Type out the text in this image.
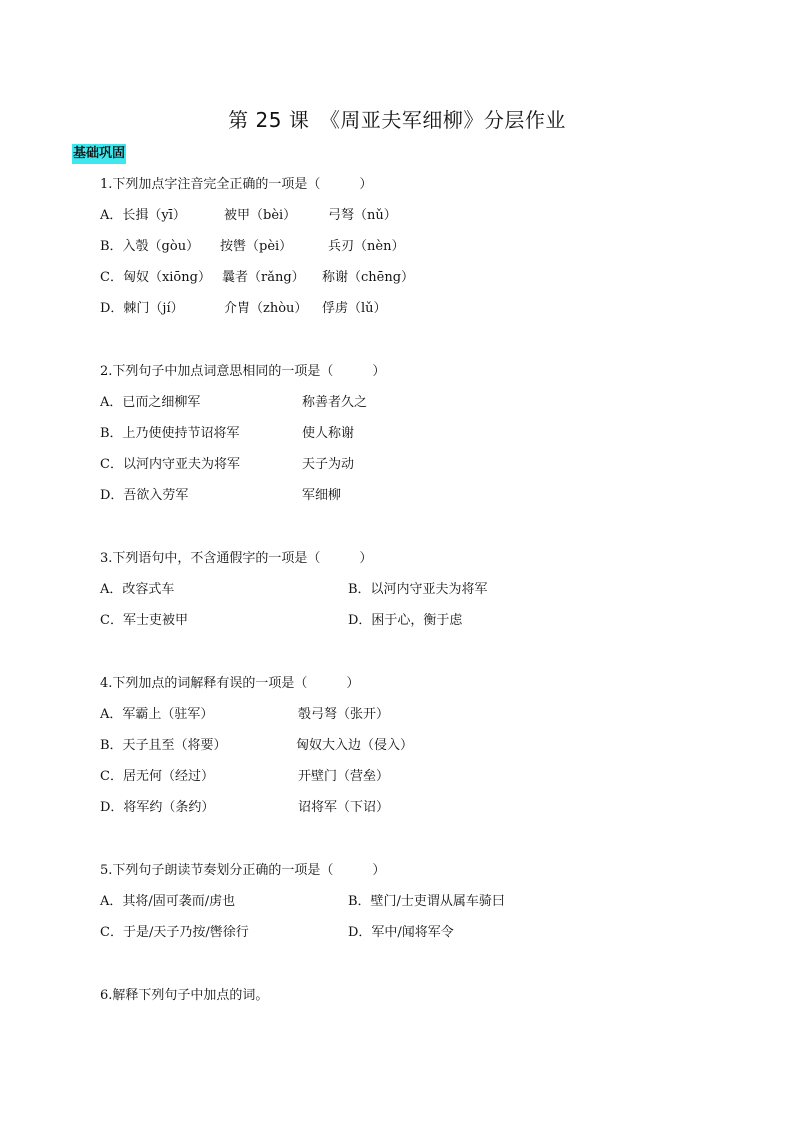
第 25 课　《周亚夫军细柳》分层作业
基础巩固
1.下列加点字注音完全正确的一项是（　　　）
A．长揖（yī）	被甲（bèi） 弓弩（nǔ）
B．入彀（gòu） 按辔（pèi）	兵刃（nèn）
C．匈奴（xiōng） 曩者（rǎng） 称谢（chēng）
D．棘门（jí）	介胄（zhòu） 俘虏（lǔ）
2.下列句子中加点词意思相同的一项是（　　　）
A．已而之细柳军	称善者久之
B．上乃使使持节诏将军	使人称谢
C．以河内守亚夫为将军	天子为动
D．吾欲入劳军	军细柳
3.下列语句中，不含通假字的一项是（　　　）
A．改容式车	B．以河内守亚夫为将军
C．军士吏被甲	D．困于心，衡于虑
4.下列加点的词解释有误的一项是（　　　）
A．军霸上（驻军）	彀弓弩（张开）
B．天子且至（将要）	匈奴大入边（侵入）
C．居无何（经过）	开壁门（营垒）
D．将军约（条约）	诏将军（下诏）
5.下列句子朗读节奏划分正确的一项是（　　　）
A．其将/固可袭而/虏也	B．壁门/士吏谓从属车骑曰
C．于是/天子乃按/辔徐行	D．军中/闻将军令
6.解释下列句子中加点的词。
